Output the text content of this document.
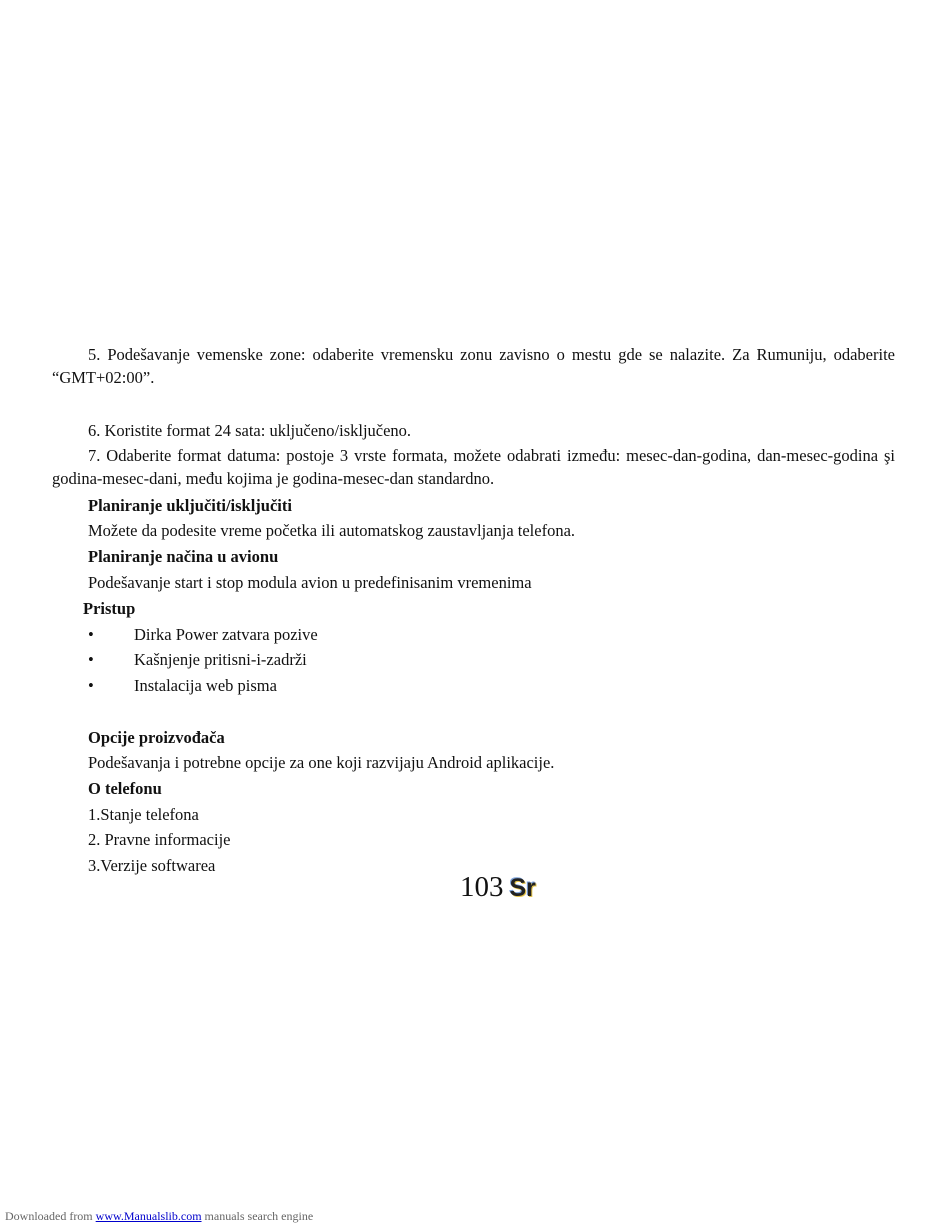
5. Podešavanje vemenske zone: odaberite vremensku zonu zavisno o mestu gde se nalazite. Za Rumuniju, odaberite “GMT+02:00”.

6. Koristite format 24 sata: uključeno/isključeno.

7. Odaberite format datuma: postoje 3 vrste formata, možete odabrati između: mesec-dan-godina, dan-mesec-godina şi godina-mesec-dani, među kojima je godina-mesec-dan standardno.

Planiranje uključiti/isključiti

Možete da podesite vreme početka ili automatskog zaustavljanja telefona.

Planiranje načina u avionu

Podešavanje start i stop modula avion u predefinisanim vremenima

Pristup

•	Dirka Power zatvara pozive
•	Kašnjenje pritisni-i-zadrži
•	Instalacija web pisma

Opcije proizvođača

Podešavanja i potrebne opcije za one koji razvijaju Android aplikacije.

O telefonu

1.Stanje telefona

2. Pravne informacije

3.Verzije softwarea

103 Sr
Downloaded from www.Manualslib.com manuals search engine
